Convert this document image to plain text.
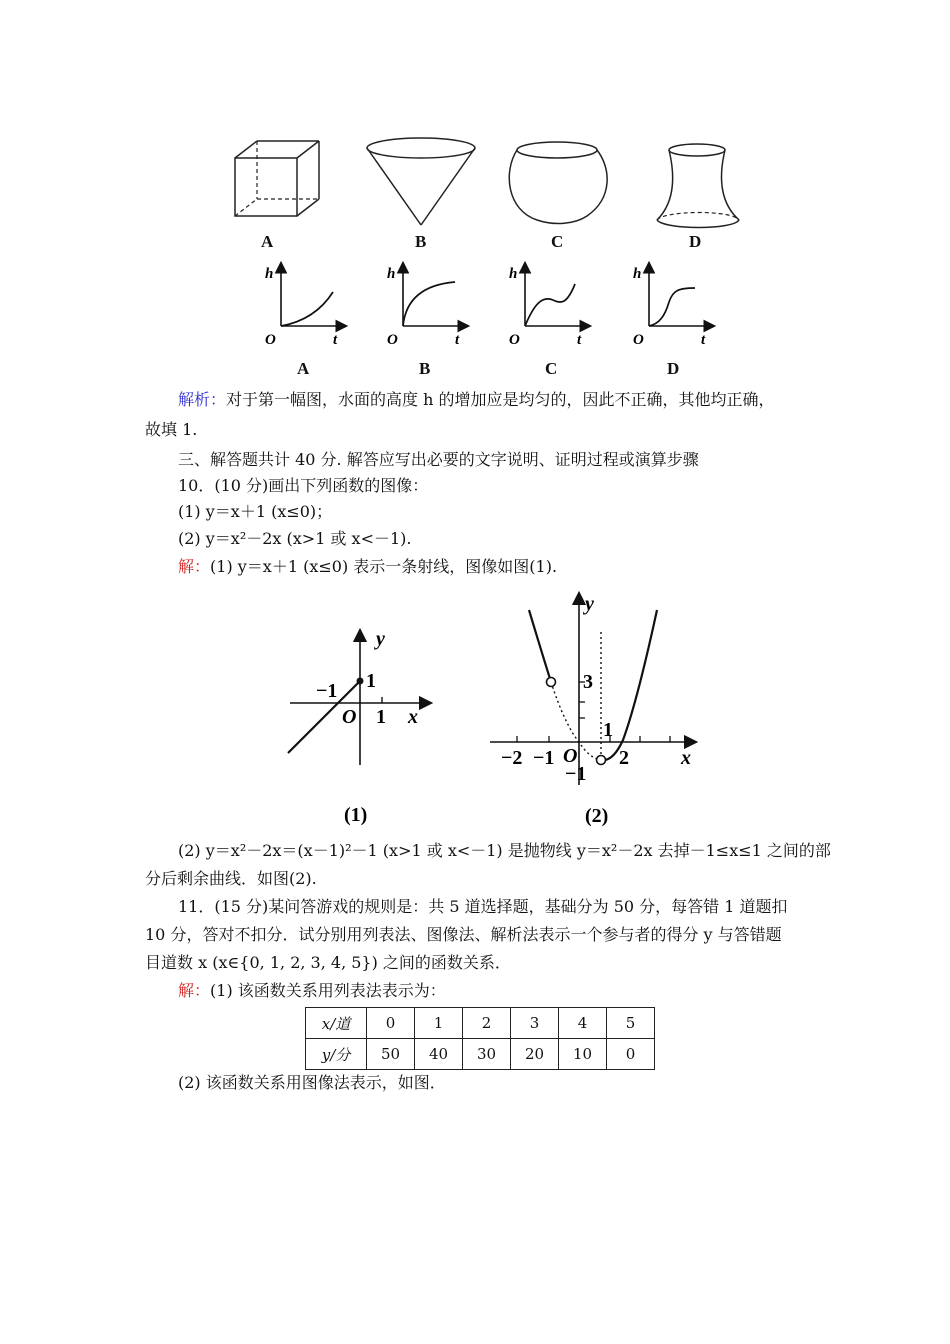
A	B	C	D
h
O	t
A
h
O	t
B
h
O	t
C
h
O	t
D
解析：对于第一幅图，水面的高度 h 的增加应是均匀的，因此不正确，其他均正确，
故填 1.
三、解答题共计 40 分. 解答应写出必要的文字说明、证明过程或演算步骤
10．(10 分)画出下列函数的图像：
(1) y＝x＋1 (x≤0)；
(2) y＝x²－2x (x>1 或 x<－1).
解：(1) y＝x＋1 (x≤0) 表示一条射线，图像如图(1).
y
−1 1
O 1 x
(1)
y
3
1
−2 −1 O
−1
2	x
(2)
(2) y＝x²－2x＝(x－1)²－1 (x>1 或 x<－1) 是抛物线 y＝x²－2x 去掉－1≤x≤1 之间的部
分后剩余曲线．如图(2).
11．(15 分)某问答游戏的规则是：共 5 道选择题，基础分为 50 分，每答错 1 道题扣
10 分，答对不扣分．试分别用列表法、图像法、解析法表示一个参与者的得分 y 与答错题
目道数 x (x∈{0, 1, 2, 3, 4, 5}) 之间的函数关系．
解：(1) 该函数关系用列表法表示为：
x/道	0	1	2	3	4	5
y/分	50	40	30	20	10	0
(2) 该函数关系用图像法表示，如图．
